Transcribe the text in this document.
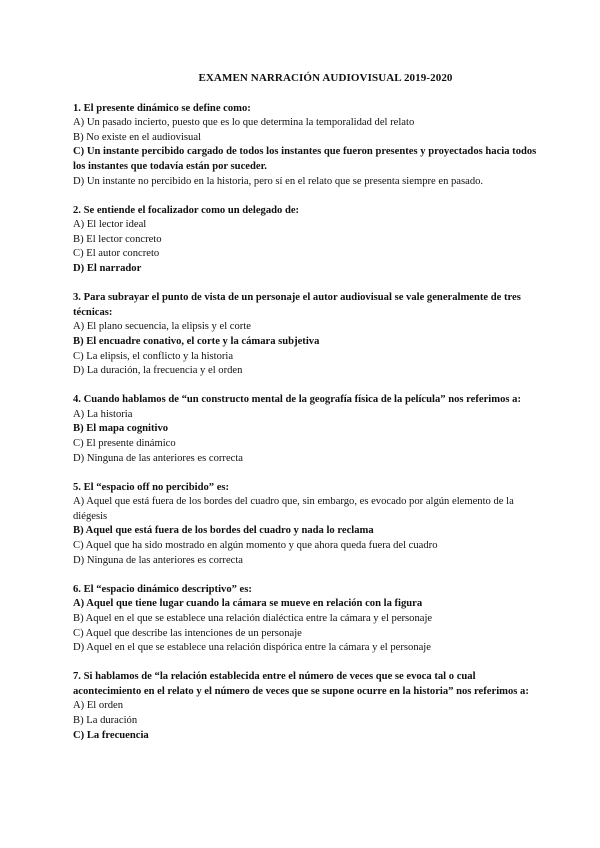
EXAMEN NARRACIÓN AUDIOVISUAL 2019-2020
1. El presente dinámico se define como:
A) Un pasado incierto, puesto que es lo que determina la temporalidad del relato
B) No existe en el audiovisual
C) Un instante percibido cargado de todos los instantes que fueron presentes y proyectados hacia todos los instantes que todavía están por suceder.
D) Un instante no percibido en la historia, pero sí en el relato que se presenta siempre en pasado.
2. Se entiende el focalizador como un delegado de:
A) El lector ideal
B) El lector concreto
C) El autor concreto
D) El narrador
3. Para subrayar el punto de vista de un personaje el autor audiovisual se vale generalmente de tres técnicas:
A) El plano secuencia, la elipsis y el corte
B) El encuadre conativo, el corte y la cámara subjetiva
C) La elipsis, el conflicto y la historia
D) La duración, la frecuencia y el orden
4. Cuando hablamos de “un constructo mental de la geografía física de la película” nos referimos a:
A) La historia
B) El mapa cognitivo
C) El presente dinámico
D) Ninguna de las anteriores es correcta
5. El “espacio off no percibido” es:
A) Aquel que está fuera de los bordes del cuadro que, sin embargo, es evocado por algún elemento de la diégesis
B) Aquel que está fuera de los bordes del cuadro y nada lo reclama
C) Aquel que ha sido mostrado en algún momento y que ahora queda fuera del cuadro
D) Ninguna de las anteriores es correcta
6. El “espacio dinámico descriptivo” es:
A) Aquel que tiene lugar cuando la cámara se mueve en relación con la figura
B) Aquel en el que se establece una relación dialéctica entre la cámara y el personaje
C) Aquel que describe las intenciones de un personaje
D) Aquel en el que se establece una relación dispórica entre la cámara y el personaje
7. Si hablamos de “la relación establecida entre el número de veces que se evoca tal o cual acontecimiento en el relato y el número de veces que se supone ocurre en la historia” nos referimos a:
A) El orden
B) La duración
C) La frecuencia
